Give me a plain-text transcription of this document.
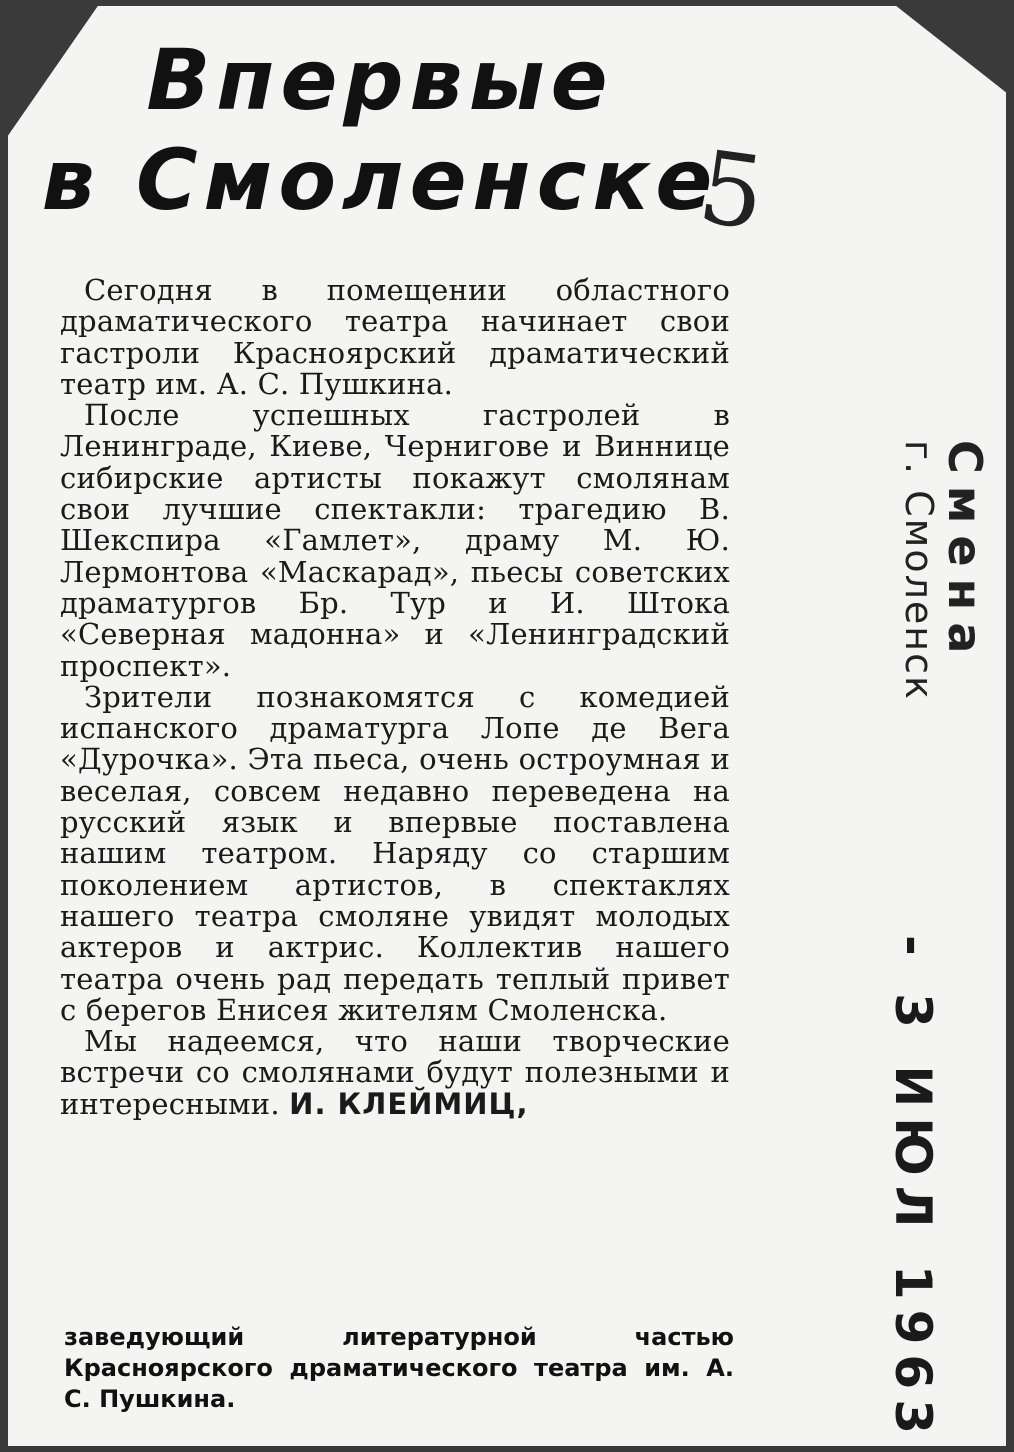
Впервые
в Смоленске
5

Сегодня в помещении областного драматического театра начинает свои гастроли Красноярский драматический театр им. А. С. Пушкина.

После успешных гастролей в Ленинграде, Киеве, Чернигове и Виннице сибирские артисты покажут смолянам свои лучшие спектакли: трагедию В. Шекспира «Гамлет», драму М. Ю. Лермонтова «Маскарад», пьесы советских драматургов Бр. Тур и И. Штока «Северная мадонна» и «Ленинградский проспект».

Зрители познакомятся с комедией испанского драматурга Лопе де Вега «Дурочка». Эта пьеса, очень остроумная и веселая, совсем недавно переведена на русский язык и впервые поставлена нашим театром. Наряду со старшим поколением артистов, в спектаклях нашего театра смоляне увидят молодых актеров и актрис. Коллектив нашего театра очень рад передать теплый привет с берегов Енисея жителям Смоленска.

Мы надеемся, что наши творческие встречи со смолянами будут полезными и интересными. И. КЛЕЙМИЦ,

заведующий литературной частью Красноярского драматического театра им. А. С. Пушкина.
Смена
г. Смоленск
- 3 ИЮЛ 1963
